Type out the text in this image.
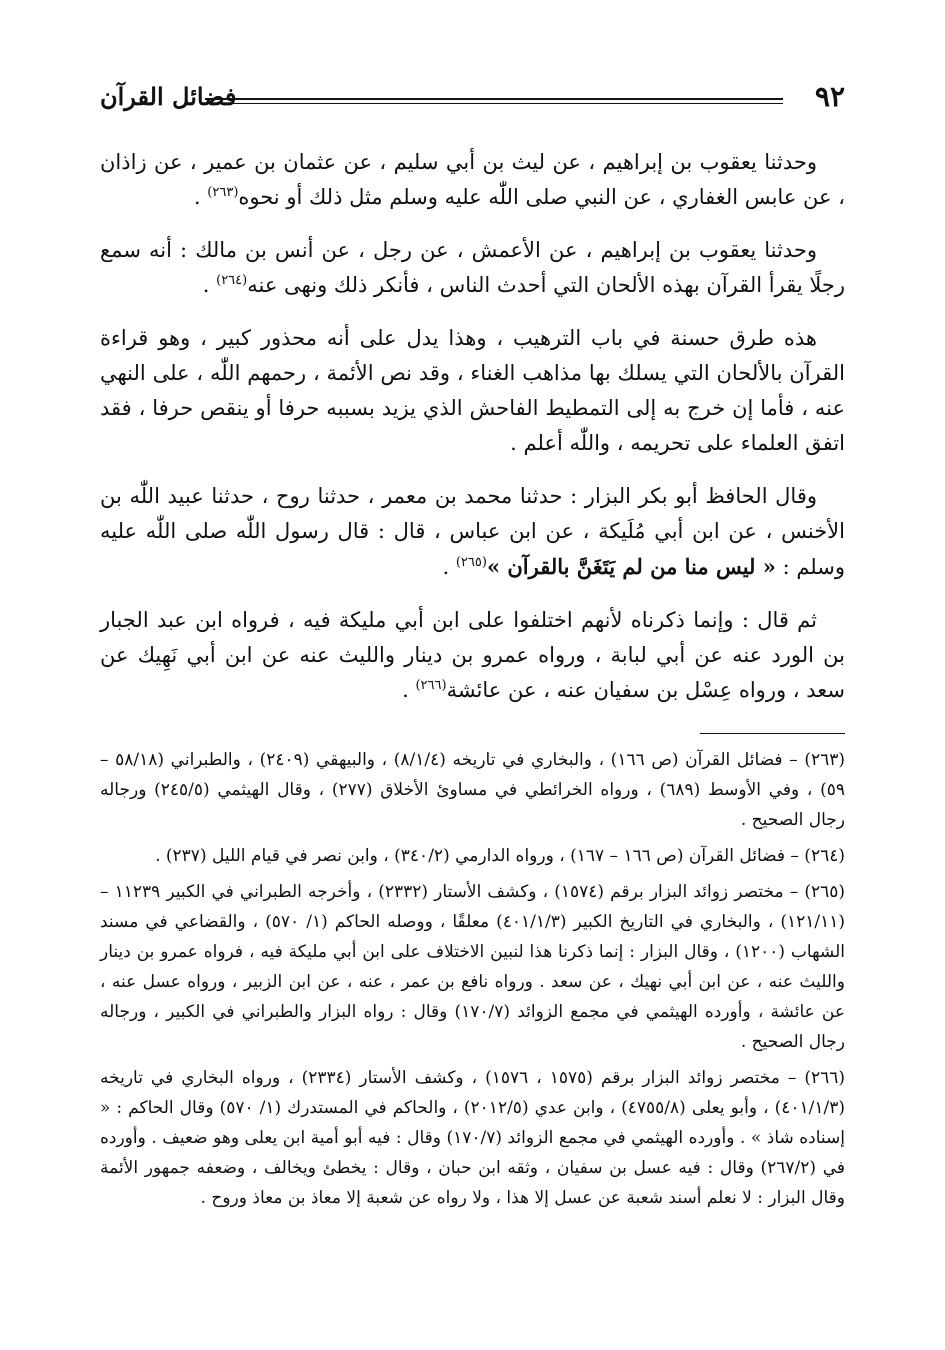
٩٢
فضائل القرآن

وحدثنا يعقوب بن إبراهيم ، عن ليث بن أبي سليم ، عن عثمان بن عمير ، عن زاذان ، عن عابس الغفاري ، عن النبي صلى اللّٰه عليه وسلم مثل ذلك أو نحوه$^{(٢٦٣)}$ .

وحدثنا يعقوب بن إبراهيم ، عن الأعمش ، عن رجل ، عن أنس بن مالك : أنه سمع رجلًا يقرأ القرآن بهذه الألحان التي أحدث الناس ، فأنكر ذلك ونهى عنه$^{(٢٦٤)}$ .

هذه طرق حسنة في باب الترهيب ، وهذا يدل على أنه محذور كبير ، وهو قراءة القرآن بالألحان التي يسلك بها مذاهب الغناء ، وقد نص الأئمة ، رحمهم اللّٰه ، على النهي عنه ، فأما إن خرج به إلى التمطيط الفاحش الذي يزيد بسببه حرفا أو ينقص حرفا ، فقد اتفق العلماء على تحريمه ، واللّٰه أعلم .

وقال الحافظ أبو بكر البزار : حدثنا محمد بن معمر ، حدثنا روح ، حدثنا عبيد اللّٰه بن الأخنس ، عن ابن أبي مُلَيكة ، عن ابن عباس ، قال : قال رسول اللّٰه صلى اللّٰه عليه وسلم : « ليس منا من لم يَتَغَنَّ بالقرآن »$^{(٢٦٥)}$ .

ثم قال : وإنما ذكرناه لأنهم اختلفوا على ابن أبي مليكة فيه ، فرواه ابن عبد الجبار بن الورد عنه عن أبي لبابة ، ورواه عمرو بن دينار والليث عنه عن ابن أبي نَهِيك عن سعد ، ورواه عِسْل بن سفيان عنه ، عن عائشة$^{(٢٦٦)}$ .

(٢٦٣) – فضائل القرآن (ص ١٦٦) ، والبخاري في تاريخه (٨/١/٤) ، والبيهقي (٢٤٠٩) ، والطبراني (٥٨/١٨ – ٥٩) ، وفي الأوسط (٦٨٩) ، ورواه الخرائطي في مساوئ الأخلاق (٢٧٧) ، وقال الهيثمي (٢٤٥/٥) ورجاله رجال الصحيح .

(٢٦٤) – فضائل القرآن (ص ١٦٦ – ١٦٧) ، ورواه الدارمي (٣٤٠/٢) ، وابن نصر في قيام الليل (٢٣٧) .

(٢٦٥) – مختصر زوائد البزار برقم (١٥٧٤) ، وكشف الأستار (٢٣٣٢) ، وأخرجه الطبراني في الكبير ١١٢٣٩ – (١٢١/١١) ، والبخاري في التاريخ الكبير (٤٠١/١/٣) معلقًا ، ووصله الحاكم (١/ ٥٧٠) ، والقضاعي في مسند الشهاب (١٢٠٠) ، وقال البزار : إنما ذكرنا هذا لنبين الاختلاف على ابن أبي مليكة فيه ، فرواه عمرو بن دينار والليث عنه ، عن ابن أبي نهيك ، عن سعد . ورواه نافع بن عمر ، عنه ، عن ابن الزبير ، ورواه عسل عنه ، عن عائشة ، وأورده الهيثمي في مجمع الزوائد (١٧٠/٧) وقال : رواه البزار والطبراني في الكبير ، ورجاله رجال الصحيح .

(٢٦٦) – مختصر زوائد البزار برقم (١٥٧٥ ، ١٥٧٦) ، وكشف الأستار (٢٣٣٤) ، ورواه البخاري في تاريخه (٤٠١/١/٣) ، وأبو يعلى (٤٧٥٥/٨) ، وابن عدي (٢٠١٢/٥) ، والحاكم في المستدرك (١/ ٥٧٠) وقال الحاكم : « إسناده شاذ » . وأورده الهيثمي في مجمع الزوائد (١٧٠/٧) وقال : فيه أبو أمية ابن يعلى وهو ضعيف . وأورده في (٢٦٧/٢) وقال : فيه عسل بن سفيان ، وثقه ابن حبان ، وقال : يخطئ ويخالف ، وضعفه جمهور الأئمة وقال البزار : لا نعلم أسند شعبة عن عسل إلا هذا ، ولا رواه عن شعبة إلا معاذ بن معاذ وروح .
